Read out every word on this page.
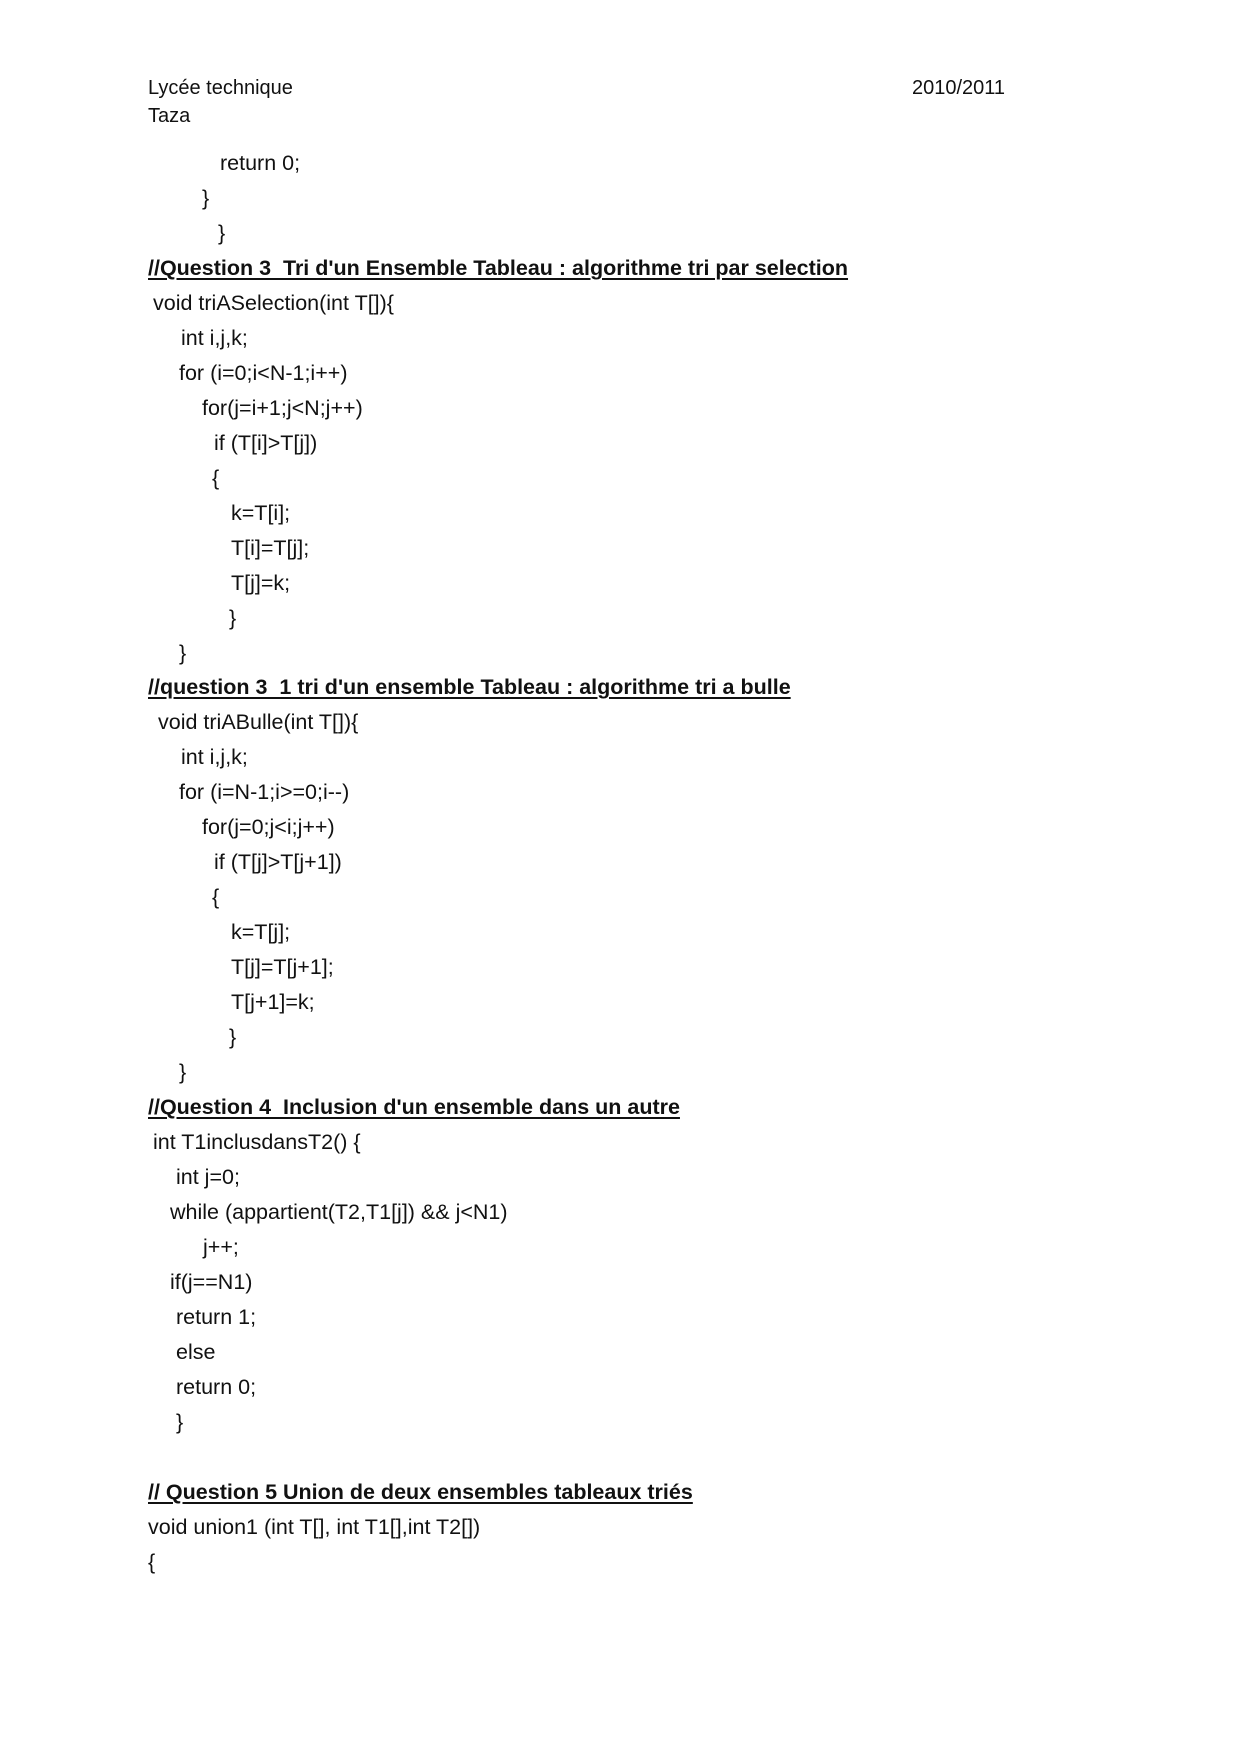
Lycée technique
Taza
2010/2011
return 0;
}
}
//Question 3  Tri d'un Ensemble Tableau : algorithme tri par selection
void triASelection(int T[]){
int i,j,k;
for (i=0;i<N-1;i++)
for(j=i+1;j<N;j++)
if (T[i]>T[j])
{
k=T[i];
T[i]=T[j];
T[j]=k;
}
}
//question 3  1 tri d'un ensemble Tableau : algorithme tri a bulle
void triABulle(int T[]){
int i,j,k;
for (i=N-1;i>=0;i--)
for(j=0;j<i;j++)
if (T[j]>T[j+1])
{
k=T[j];
T[j]=T[j+1];
T[j+1]=k;
}
}
//Question 4  Inclusion d'un ensemble dans un autre
int T1inclusdansT2() {
int j=0;
while (appartient(T2,T1[j]) && j<N1)
j++;
if(j==N1)
return 1;
else
return 0;
}
// Question 5 Union de deux ensembles tableaux triés
void union1 (int T[], int T1[],int T2[])
{
